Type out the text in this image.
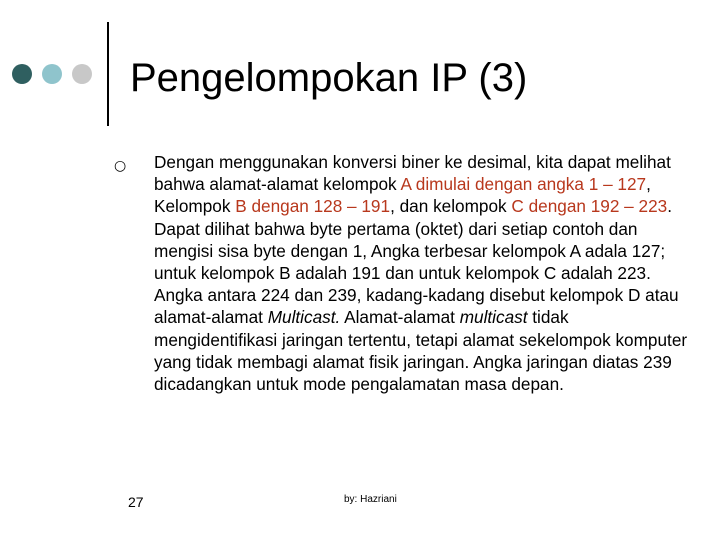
Pengelompokan IP (3)
○ Dengan menggunakan konversi biner ke desimal, kita dapat melihat bahwa alamat-alamat kelompok A dimulai dengan angka 1 – 127, Kelompok B dengan 128 – 191, dan kelompok C dengan 192 – 223. Dapat dilihat bahwa byte pertama (oktet) dari setiap contoh dan mengisi sisa byte dengan 1, Angka terbesar kelompok A adala 127; untuk kelompok B adalah 191 dan untuk kelompok C adalah 223. Angka antara 224 dan 239, kadang-kadang disebut kelompok D atau alamat-alamat Multicast. Alamat-alamat multicast tidak mengidentifikasi jaringan tertentu, tetapi alamat sekelompok komputer yang tidak membagi alamat fisik jaringan. Angka jaringan diatas 239 dicadangkan untuk mode pengalamatan masa depan.

27	by: Hazriani
